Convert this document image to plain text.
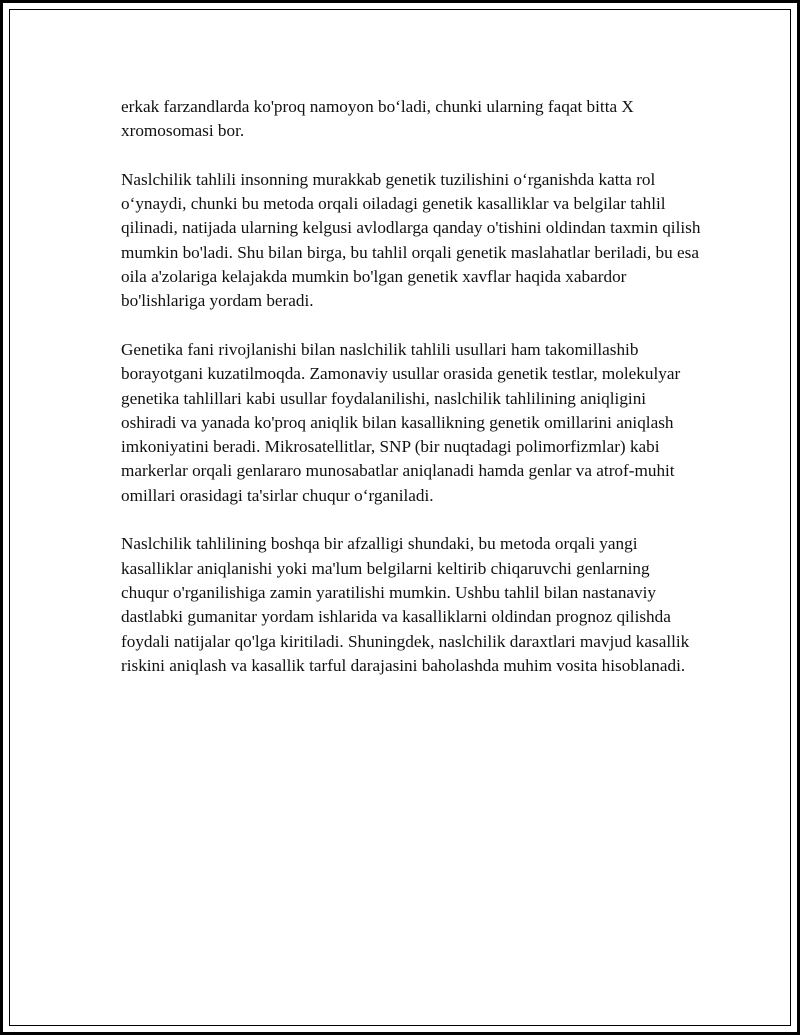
erkak farzandlarda ko'proq namoyon bo‘ladi, chunki ularning faqat bitta X xromosomasi bor.

Naslchilik tahlili insonning murakkab genetik tuzilishini o‘rganishda katta rol o‘ynaydi, chunki bu metoda orqali oiladagi genetik kasalliklar va belgilar tahlil qilinadi, natijada ularning kelgusi avlodlarga qanday o'tishini oldindan taxmin qilish mumkin bo'ladi. Shu bilan birga, bu tahlil orqali genetik maslahatlar beriladi, bu esa oila a'zolariga kelajakda mumkin bo'lgan genetik xavflar haqida xabardor bo'lishlariga yordam beradi.

Genetika fani rivojlanishi bilan naslchilik tahlili usullari ham takomillashib borayotgani kuzatilmoqda. Zamonaviy usullar orasida genetik testlar, molekulyar genetika tahlillari kabi usullar foydalanilishi, naslchilik tahlilining aniqligini oshiradi va yanada ko'proq aniqlik bilan kasallikning genetik omillarini aniqlash imkoniyatini beradi. Mikrosatellitlar, SNP (bir nuqtadagi polimorfizmlar) kabi markerlar orqali genlararo munosabatlar aniqlanadi hamda genlar va atrof-muhit omillari orasidagi ta'sirlar chuqur o‘rganiladi.

Naslchilik tahlilining boshqa bir afzalligi shundaki, bu metoda orqali yangi kasalliklar aniqlanishi yoki ma'lum belgilarni keltirib chiqaruvchi genlarning chuqur o'rganilishiga zamin yaratilishi mumkin. Ushbu tahlil bilan nastanaviy dastlabki gumanitar yordam ishlarida va kasalliklarni oldindan prognoz qilishda foydali natijalar qo'lga kiritiladi. Shuningdek, naslchilik daraxtlari mavjud kasallik riskini aniqlash va kasallik tarful darajasini baholashda muhim vosita hisoblanadi.
